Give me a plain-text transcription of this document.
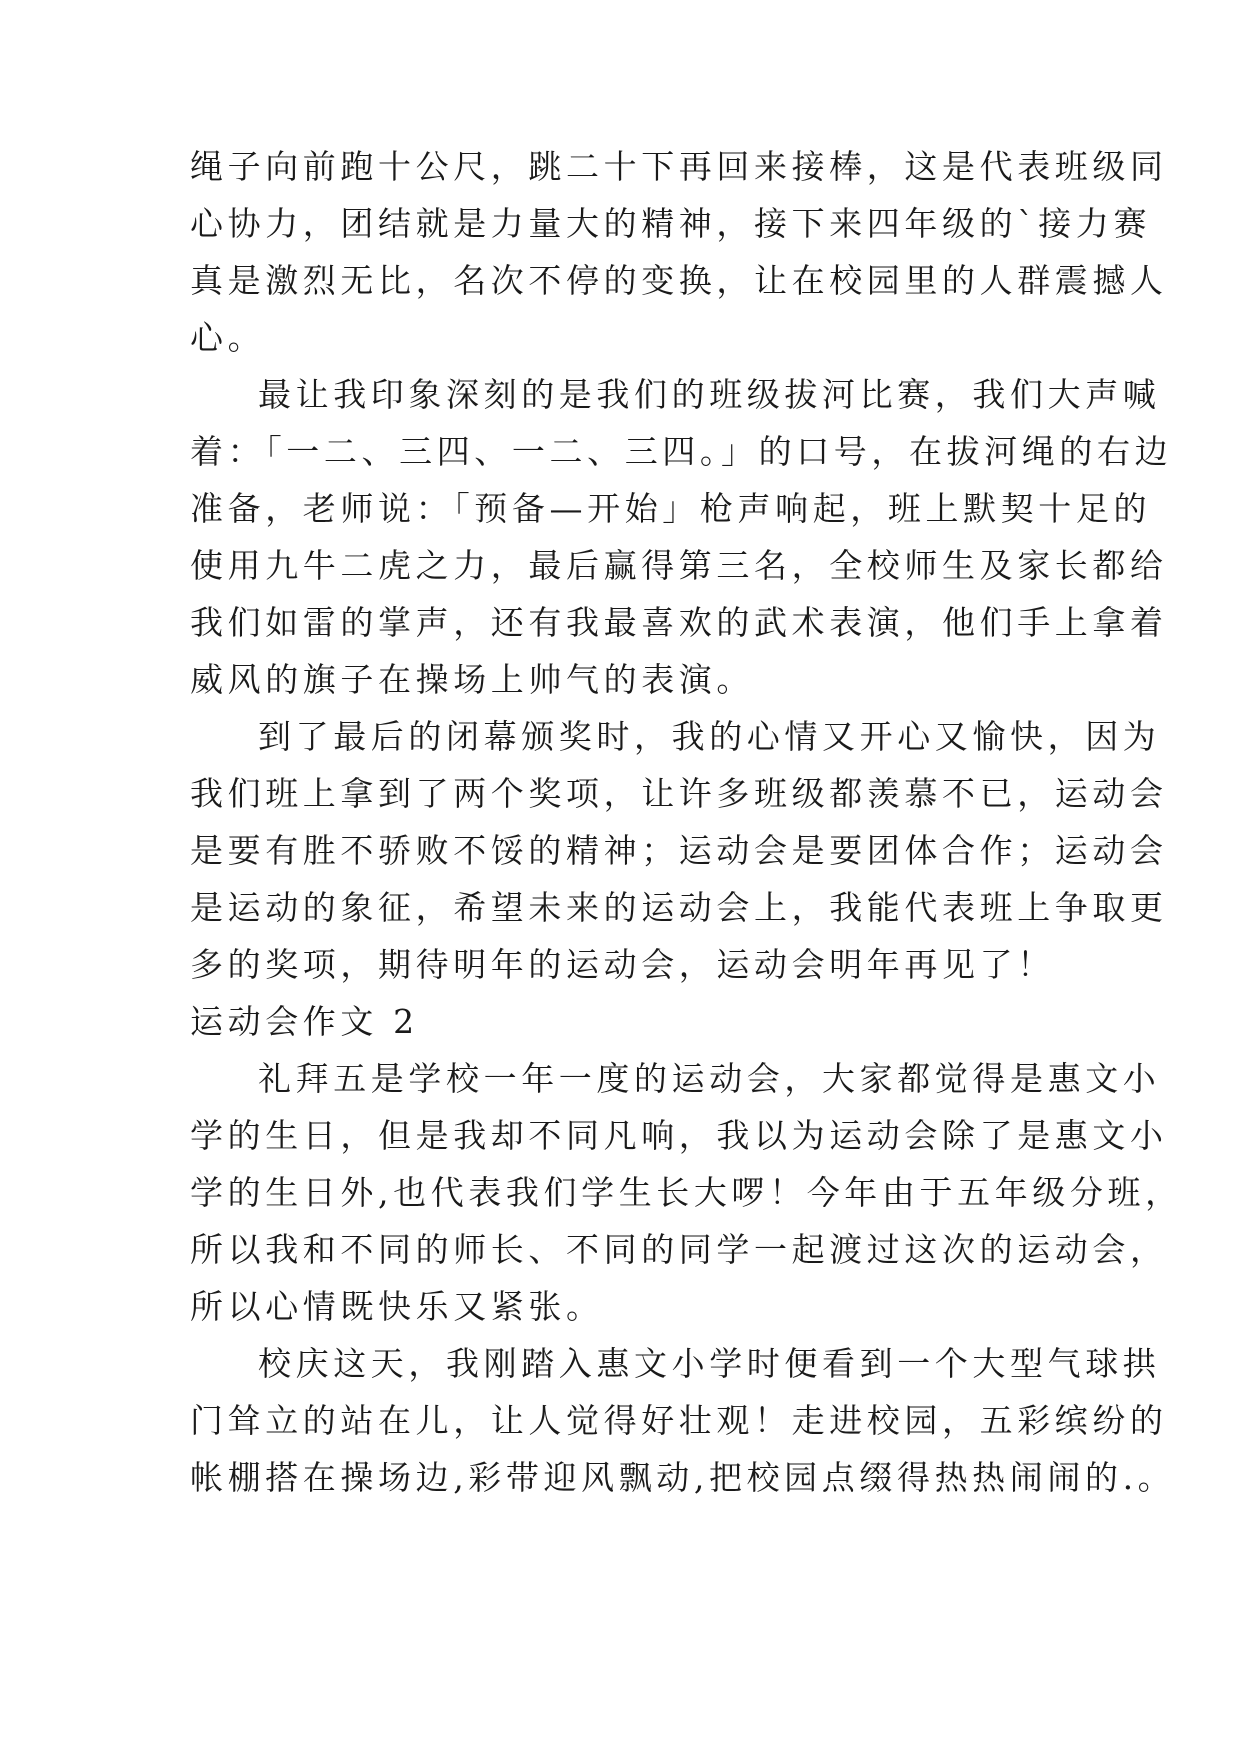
绳子向前跑十公尺，跳二十下再回来接棒，这是代表班级同
心协力，团结就是力量大的精神，接下来四年级的`接力赛
真是激烈无比，名次不停的变换，让在校园里的人群震撼人
心。
最让我印象深刻的是我们的班级拔河比赛，我们大声喊
着：「一二、三四、一二、三四。」的口号，在拔河绳的右边
准备，老师说：「预备—开始」枪声响起，班上默契十足的
使用九牛二虎之力，最后赢得第三名，全校师生及家长都给
我们如雷的掌声，还有我最喜欢的武术表演，他们手上拿着
威风的旗子在操场上帅气的表演。
到了最后的闭幕颁奖时，我的心情又开心又愉快，因为
我们班上拿到了两个奖项，让许多班级都羡慕不已，运动会
是要有胜不骄败不馁的精神；运动会是要团体合作；运动会
是运动的象征，希望未来的运动会上，我能代表班上争取更
多的奖项，期待明年的运动会，运动会明年再见了！
运动会作文 2
礼拜五是学校一年一度的运动会，大家都觉得是惠文小
学的生日，但是我却不同凡响，我以为运动会除了是惠文小
学的生日外,也代表我们学生长大啰！今年由于五年级分班，
所以我和不同的师长、不同的同学一起渡过这次的运动会，
所以心情既快乐又紧张。
校庆这天，我刚踏入惠文小学时便看到一个大型气球拱
门耸立的站在儿，让人觉得好壮观！走进校园，五彩缤纷的
帐棚搭在操场边,彩带迎风飘动,把校园点缀得热热闹闹的.。
